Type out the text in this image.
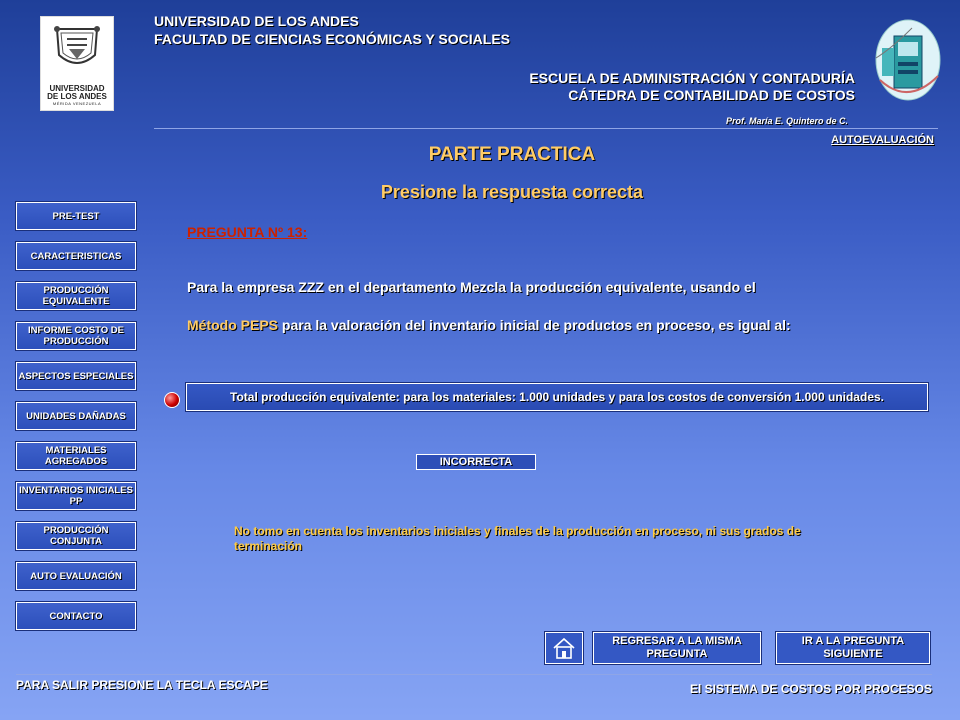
UNIVERSIDAD
DE LOS ANDES
MÉRIDA VENEZUELA
UNIVERSIDAD DE LOS ANDES
FACULTAD DE CIENCIAS ECONÓMICAS Y SOCIALES
ESCUELA DE ADMINISTRACIÓN Y CONTADURÍA
CÁTEDRA DE CONTABILIDAD DE COSTOS
Prof. María E. Quintero de C.
AUTOEVALUACIÓN
PARTE PRACTICA
Presione la respuesta correcta
PRE-TEST
CARACTERISTICAS
PRODUCCIÓN EQUIVALENTE
INFORME COSTO DE PRODUCCIÓN
ASPECTOS ESPECIALES
UNIDADES DAÑADAS
MATERIALES AGREGADOS
INVENTARIOS INICIALES PP
PRODUCCIÓN CONJUNTA
AUTO EVALUACIÓN
CONTACTO
PREGUNTA Nº 13:
Para la empresa ZZZ en el departamento Mezcla la producción equivalente, usando el
Método PEPS para la valoración del inventario inicial de productos en proceso, es igual al:
Total producción equivalente: para los materiales: 1.000 unidades y para los costos de conversión 1.000 unidades.
INCORRECTA
No tomo en cuenta los inventarios iniciales y finales de la producción en proceso, ni sus grados de terminación
REGRESAR A LA MISMA PREGUNTA
IR A LA PREGUNTA SIGUIENTE
PARA SALIR PRESIONE LA TECLA ESCAPE	El SISTEMA DE COSTOS POR PROCESOS
